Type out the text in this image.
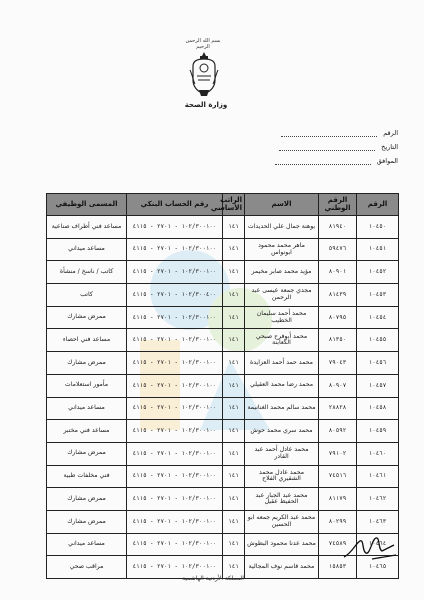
بسم الله الرحمن الرحيم
وزارة الصحة
الرقم
التاريخ
الموافق
الرقم	الرقم الوطني	الاسم	الراتب الأساسي	رقم الحساب البنكي	المسمى الوظيفي
١٠٤٥٠	٨١٩٤٠	بوهنة جمال علي الحديدات	١٤١	١٠٢/٣٠٠١٠٠ - ٢٧٠١ - ٤١١٥	مساعد فني أطراف صناعية
١٠٤٥١	٥٩٤٧٦	ماهر محمد محمود ابونواس	١٤١	١٠٢/٣٠٠١٠٠ - ٢٧٠١ - ٤١١٥	مساعد ميداني
١٠٤٥٢	٨٠٩٠١	مؤيد محمد صابر مخيمر	١٤١	١٠٢/٣٠٠١٠٠ - ٢٧٠١ - ٤١١٥	كاتب / ناسخ / منشأة
١٠٤٥٣	٨١٤٣٩	مجدي جمعة عيسى عبد الرحمن	١٤١	١٠٢/٣٠٠٤٠٠ - ٢٧٠١ - ٤١١٥	كاتب
١٠٤٥٤	٨٠٧٩٥	محمد أحمد سليمان الخطيب	١٤١	١٠٢/٣٠٠١٠٠ - ٢٧٠١ - ٤١١٥	ممرض مشارك
١٠٤٥٥	٨١٣٥٠	محمد أبوفرح صبحي الكعابنة	١٤١	١٠٢/٣٠٠١٠٠ - ٢٧٠١ - ٤١١٥	مساعد فني احصاء
١٠٤٥٦	٧٩٠٤٣	محمد حمد أحمد العزايدة	١٤١	١٠٢/٣٠٠١٠٠ - ٢٧٠١ - ٤١١٥	ممرض مشارك
١٠٤٥٧	٨٠٩٠٧	محمد رضا محمد العقيلي	١٤١	١٠٢/٣٠٠١٠٠ - ٢٧٠١ - ٤١١٥	مأمور استعلامات
١٠٤٥٨	٢٨٨٢٨	محمد سالم محمد الغنانيمة	١٤١	١٠٢/٣٠٠١٠٠ - ٢٧٠١ - ٤١١٥	مساعد ميداني
١٠٤٥٩	٨٠٥٩٢	محمد سري محمد حوش	١٤١	١٠٢/٣٠٠١٠٠ - ٢٧٠١ - ٤١١٥	مساعد فني مختبر
١٠٤٦٠	٧٩١٠٢	محمد عادل أحمد عبد القادر	١٤١	١٠٢/٣٠٠١٠٠ - ٢٧٠١ - ٤١١٥	ممرض مشارك
١٠٤٦١	٧٤٥١٦	محمد عادل محمد الشقيري الفلاح	١٤١	١٠٢/٣٠٠١٠٠ - ٢٧٠١ - ٤١١٥	فني مخلفات طبية
١٠٤٦٢	٨١١٧٩	محمد عبد الجبار عبد الحفيظ عقيل	١٤١	١٠٢/٣٠٠١٠٠ - ٢٧٠١ - ٤١١٥	ممرض مشارك
١٠٤٦٣	٨٠٢٩٩	محمد عبد الكريم جمعه ابو الحسين	١٤١	١٠٢/٣٠٠١٠٠ - ٢٧٠١ - ٤١١٥	ممرض مشارك
١٠٤٦٤	٧٤٥٨٩	محمد عدنا محمود البطوش	١٤١	١٠٢/٣٠٠١٠٠ - ٢٧٠١ - ٤١١٥	مساعد ميداني
١٠٤٦٥	١٥٨٥٣	محمد قاسم نوف المجالية	١٤١	١٠٢/٣٠٠١٠٠ - ٢٧٠١ - ٤١١٥	مراقب صحي
المملكة الأردنية الهاشمية
